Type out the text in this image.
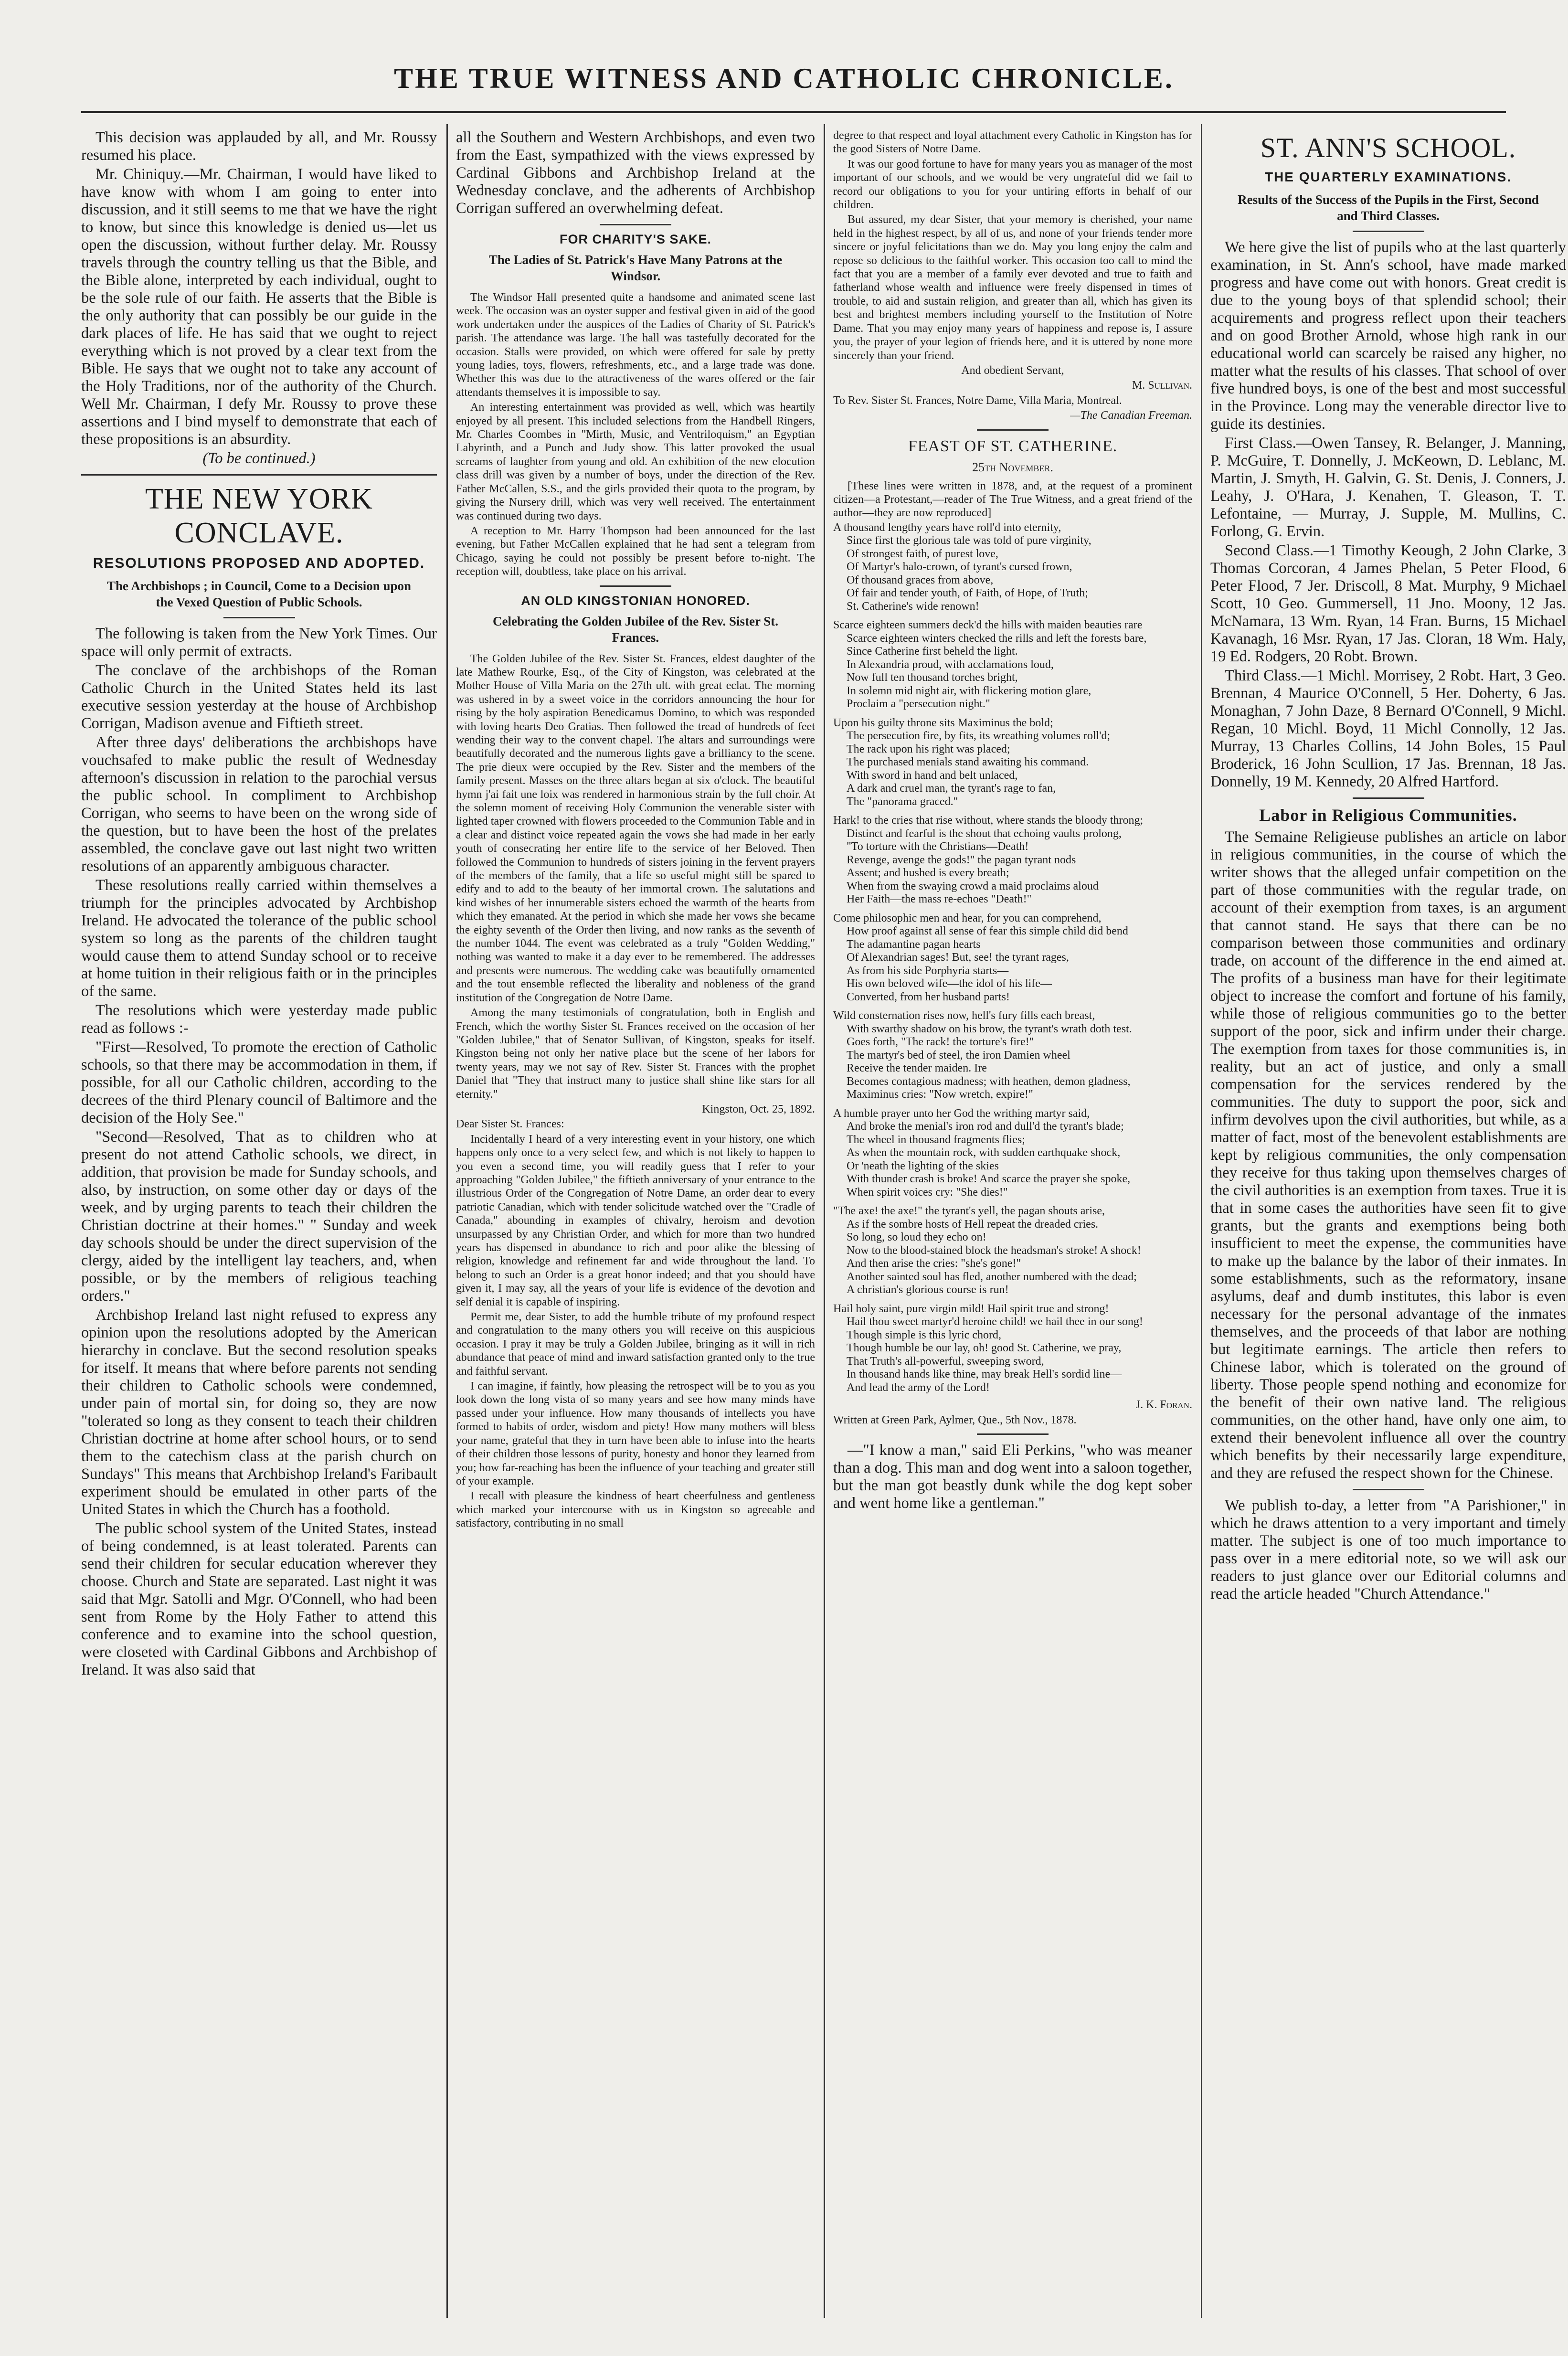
THE TRUE WITNESS AND CATHOLIC CHRONICLE.

This decision was applauded by all, and Mr. Roussy resumed his place.

Mr. Chiniquy.—Mr. Chairman, I would have liked to have know with whom I am going to enter into discussion, and it still seems to me that we have the right to know, but since this knowledge is denied us—let us open the discussion, without further delay. Mr. Roussy travels through the country telling us that the Bible, and the Bible alone, interpreted by each individual, ought to be the sole rule of our faith. He asserts that the Bible is the only authority that can possibly be our guide in the dark places of life. He has said that we ought to reject everything which is not proved by a clear text from the Bible. He says that we ought not to take any account of the Holy Traditions, nor of the authority of the Church. Well Mr. Chairman, I defy Mr. Roussy to prove these assertions and I bind myself to demonstrate that each of these propositions is an absurdity.

(To be continued.)

THE NEW YORK CONCLAVE.
RESOLUTIONS PROPOSED AND ADOPTED.
The Archbishops ; in Council, Come to a Decision upon the Vexed Question of Public Schools.

The following is taken from the New York Times. Our space will only permit of extracts.

The conclave of the archbishops of the Roman Catholic Church in the United States held its last executive session yesterday at the house of Archbishop Corrigan, Madison avenue and Fiftieth street.

After three days' deliberations the archbishops have vouchsafed to make public the result of Wednesday afternoon's discussion in relation to the parochial versus the public school. In compliment to Archbishop Corrigan, who seems to have been on the wrong side of the question, but to have been the host of the prelates assembled, the conclave gave out last night two written resolutions of an apparently ambiguous character.

These resolutions really carried within themselves a triumph for the principles advocated by Archbishop Ireland. He advocated the tolerance of the public school system so long as the parents of the children taught would cause them to attend Sunday school or to receive at home tuition in their religious faith or in the principles of the same.

The resolutions which were yesterday made public read as follows :-

"First—Resolved, To promote the erection of Catholic schools, so that there may be accommodation in them, if possible, for all our Catholic children, according to the decrees of the third Plenary council of Baltimore and the decision of the Holy See."

"Second—Resolved, That as to children who at present do not attend Catholic schools, we direct, in addition, that provision be made for Sunday schools, and also, by instruction, on some other day or days of the week, and by urging parents to teach their children the Christian doctrine at their homes." " Sunday and week day schools should be under the direct supervision of the clergy, aided by the intelligent lay teachers, and, when possible, or by the members of religious teaching orders."

Archbishop Ireland last night refused to express any opinion upon the resolutions adopted by the American hierarchy in conclave. But the second resolution speaks for itself. It means that where before parents not sending their children to Catholic schools were condemned, under pain of mortal sin, for doing so, they are now "tolerated so long as they consent to teach their children Christian doctrine at home after school hours, or to send them to the catechism class at the parish church on Sundays" This means that Archbishop Ireland's Faribault experiment should be emulated in other parts of the United States in which the Church has a foothold.

The public school system of the United States, instead of being condemned, is at least tolerated. Parents can send their children for secular education wherever they choose. Church and State are separated. Last night it was said that Mgr. Satolli and Mgr. O'Connell, who had been sent from Rome by the Holy Father to attend this conference and to examine into the school question, were closeted with Cardinal Gibbons and Archbishop of Ireland. It was also said that

all the Southern and Western Archbishops, and even two from the East, sympathized with the views expressed by Cardinal Gibbons and Archbishop Ireland at the Wednesday conclave, and the adherents of Archbishop Corrigan suffered an overwhelming defeat.

FOR CHARITY'S SAKE.
The Ladies of St. Patrick's Have Many Patrons at the Windsor.

The Windsor Hall presented quite a handsome and animated scene last week. The occasion was an oyster supper and festival given in aid of the good work undertaken under the auspices of the Ladies of Charity of St. Patrick's parish. The attendance was large. The hall was tastefully decorated for the occasion. Stalls were provided, on which were offered for sale by pretty young ladies, toys, flowers, refreshments, etc., and a large trade was done. Whether this was due to the attractiveness of the wares offered or the fair attendants themselves it is impossible to say.

An interesting entertainment was provided as well, which was heartily enjoyed by all present. This included selections from the Handbell Ringers, Mr. Charles Coombes in "Mirth, Music, and Ventriloquism," an Egyptian Labyrinth, and a Punch and Judy show. This latter provoked the usual screams of laughter from young and old. An exhibition of the new elocution class drill was given by a number of boys, under the direction of the Rev. Father McCallen, S.S., and the girls provided their quota to the program, by giving the Nursery drill, which was very well received. The entertainment was continued during two days.

A reception to Mr. Harry Thompson had been announced for the last evening, but Father McCallen explained that he had sent a telegram from Chicago, saying he could not possibly be present before to-night. The reception will, doubtless, take place on his arrival.

AN OLD KINGSTONIAN HONORED.
Celebrating the Golden Jubilee of the Rev. Sister St. Frances.

The Golden Jubilee of the Rev. Sister St. Frances, eldest daughter of the late Mathew Rourke, Esq., of the City of Kingston, was celebrated at the Mother House of Villa Maria on the 27th ult. with great eclat. The morning was ushered in by a sweet voice in the corridors announcing the hour for rising by the holy aspiration Benedicamus Domino, to which was responded with loving hearts Deo Gratias. Then followed the tread of hundreds of feet wending their way to the convent chapel. The altars and surroundings were beautifully decorated and the numerous lights gave a brilliancy to the scene. The prie dieux were occupied by the Rev. Sister and the members of the family present. Masses on the three altars began at six o'clock. The beautiful hymn j'ai fait une loix was rendered in harmonious strain by the full choir. At the solemn moment of receiving Holy Communion the venerable sister with lighted taper crowned with flowers proceeded to the Communion Table and in a clear and distinct voice repeated again the vows she had made in her early youth of consecrating her entire life to the service of her Beloved. Then followed the Communion to hundreds of sisters joining in the fervent prayers of the members of the family, that a life so useful might still be spared to edify and to add to the beauty of her immortal crown. The salutations and kind wishes of her innumerable sisters echoed the warmth of the hearts from which they emanated. At the period in which she made her vows she became the eighty seventh of the Order then living, and now ranks as the seventh of the number 1044. The event was celebrated as a truly "Golden Wedding," nothing was wanted to make it a day ever to be remembered. The addresses and presents were numerous. The wedding cake was beautifully ornamented and the tout ensemble reflected the liberality and nobleness of the grand institution of the Congregation de Notre Dame.

Among the many testimonials of congratulation, both in English and French, which the worthy Sister St. Frances received on the occasion of her "Golden Jubilee," that of Senator Sullivan, of Kingston, speaks for itself. Kingston being not only her native place but the scene of her labors for twenty years, may we not say of Rev. Sister St. Frances with the prophet Daniel that "They that instruct many to justice shall shine like stars for all eternity."

Kingston, Oct. 25, 1892.

Dear Sister St. Frances:

Incidentally I heard of a very interesting event in your history, one which happens only once to a very select few, and which is not likely to happen to you even a second time, you will readily guess that I refer to your approaching "Golden Jubilee," the fiftieth anniversary of your entrance to the illustrious Order of the Congregation of Notre Dame, an order dear to every patriotic Canadian, which with tender solicitude watched over the "Cradle of Canada," abounding in examples of chivalry, heroism and devotion unsurpassed by any Christian Order, and which for more than two hundred years has dispensed in abundance to rich and poor alike the blessing of religion, knowledge and refinement far and wide throughout the land. To belong to such an Order is a great honor indeed; and that you should have given it, I may say, all the years of your life is evidence of the devotion and self denial it is capable of inspiring.

Permit me, dear Sister, to add the humble tribute of my profound respect and congratulation to the many others you will receive on this auspicious occasion. I pray it may be truly a Golden Jubilee, bringing as it will in rich abundance that peace of mind and inward satisfaction granted only to the true and faithful servant.

I can imagine, if faintly, how pleasing the retrospect will be to you as you look down the long vista of so many years and see how many minds have passed under your influence. How many thousands of intellects you have formed to habits of order, wisdom and piety! How many mothers will bless your name, grateful that they in turn have been able to infuse into the hearts of their children those lessons of purity, honesty and honor they learned from you; how far-reaching has been the influence of your teaching and greater still of your example.

I recall with pleasure the kindness of heart cheerfulness and gentleness which marked your intercourse with us in Kingston so agreeable and satisfactory, contributing in no small

degree to that respect and loyal attachment every Catholic in Kingston has for the good Sisters of Notre Dame.

It was our good fortune to have for many years you as manager of the most important of our schools, and we would be very ungrateful did we fail to record our obligations to you for your untiring efforts in behalf of our children.

But assured, my dear Sister, that your memory is cherished, your name held in the highest respect, by all of us, and none of your friends tender more sincere or joyful felicitations than we do. May you long enjoy the calm and repose so delicious to the faithful worker. This occasion too call to mind the fact that you are a member of a family ever devoted and true to faith and fatherland whose wealth and influence were freely dispensed in times of trouble, to aid and sustain religion, and greater than all, which has given its best and brightest members including yourself to the Institution of Notre Dame. That you may enjoy many years of happiness and repose is, I assure you, the prayer of your legion of friends here, and it is uttered by none more sincerely than your friend.

And obedient Servant,

M. Sullivan.

To Rev. Sister St. Frances, Notre Dame, Villa Maria, Montreal.

—The Canadian Freeman.

FEAST OF ST. CATHERINE.

25th November.

[These lines were written in 1878, and, at the request of a prominent citizen—a Protestant,—reader of The True Witness, and a great friend of the author—they are now reproduced]

A thousand lengthy years have roll'd into eternity,

Since first the glorious tale was told of pure virginity,

Of strongest faith, of purest love,

Of Martyr's halo-crown, of tyrant's cursed frown,

Of thousand graces from above,

Of fair and tender youth, of Faith, of Hope, of Truth;

St. Catherine's wide renown!

Scarce eighteen summers deck'd the hills with maiden beauties rare

Scarce eighteen winters checked the rills and left the forests bare,

Since Catherine first beheld the light.

In Alexandria proud, with acclamations loud,

Now full ten thousand torches bright,

In solemn mid night air, with flickering motion glare,

Proclaim a "persecution night."

Upon his guilty throne sits Maximinus the bold;

The persecution fire, by fits, its wreathing volumes roll'd;

The rack upon his right was placed;

The purchased menials stand awaiting his command.

With sword in hand and belt unlaced,

A dark and cruel man, the tyrant's rage to fan,

The "panorama graced."

Hark! to the cries that rise without, where stands the bloody throng;

Distinct and fearful is the shout that echoing vaults prolong,

"To torture with the Christians—Death!

Revenge, avenge the gods!" the pagan tyrant nods

Assent; and hushed is every breath;

When from the swaying crowd a maid proclaims aloud

Her Faith—the mass re-echoes "Death!"

Come philosophic men and hear, for you can comprehend,

How proof against all sense of fear this simple child did bend

The adamantine pagan hearts

Of Alexandrian sages! But, see! the tyrant rages,

As from his side Porphyria starts—

His own beloved wife—the idol of his life—

Converted, from her husband parts!

Wild consternation rises now, hell's fury fills each breast,

With swarthy shadow on his brow, the tyrant's wrath doth test.

Goes forth, "The rack! the torture's fire!"

The martyr's bed of steel, the iron Damien wheel

Receive the tender maiden. Ire

Becomes contagious madness; with heathen, demon gladness,

Maximinus cries: "Now wretch, expire!"

A humble prayer unto her God the writhing martyr said,

And broke the menial's iron rod and dull'd the tyrant's blade;

The wheel in thousand fragments flies;

As when the mountain rock, with sudden earthquake shock,

Or 'neath the lighting of the skies

With thunder crash is broke! And scarce the prayer she spoke,

When spirit voices cry: "She dies!"

"The axe! the axe!" the tyrant's yell, the pagan shouts arise,

As if the sombre hosts of Hell repeat the dreaded cries.

So long, so loud they echo on!

Now to the blood-stained block the headsman's stroke! A shock!

And then arise the cries: "she's gone!"

Another sainted soul has fled, another numbered with the dead;

A christian's glorious course is run!

Hail holy saint, pure virgin mild! Hail spirit true and strong!

Hail thou sweet martyr'd heroine child! we hail thee in our song!

Though simple is this lyric chord,

Though humble be our lay, oh! good St. Catherine, we pray,

That Truth's all-powerful, sweeping sword,

In thousand hands like thine, may break Hell's sordid line—

And lead the army of the Lord!

J. K. Foran.

Written at Green Park, Aylmer, Que., 5th Nov., 1878.

—"I know a man," said Eli Perkins, "who was meaner than a dog. This man and dog went into a saloon together, but the man got beastly dunk while the dog kept sober and went home like a gentleman."

ST. ANN'S SCHOOL.
THE QUARTERLY EXAMINATIONS.
Results of the Success of the Pupils in the First, Second and Third Classes.

We here give the list of pupils who at the last quarterly examination, in St. Ann's school, have made marked progress and have come out with honors. Great credit is due to the young boys of that splendid school; their acquirements and progress reflect upon their teachers and on good Brother Arnold, whose high rank in our educational world can scarcely be raised any higher, no matter what the results of his classes. That school of over five hundred boys, is one of the best and most successful in the Province. Long may the venerable director live to guide its destinies.

First Class.—Owen Tansey, R. Belanger, J. Manning, P. McGuire, T. Donnelly, J. McKeown, D. Leblanc, M. Martin, J. Smyth, H. Galvin, G. St. Denis, J. Conners, J. Leahy, J. O'Hara, J. Kenahen, T. Gleason, T. T. Lefontaine, — Murray, J. Supple, M. Mullins, C. Forlong, G. Ervin.

Second Class.—1 Timothy Keough, 2 John Clarke, 3 Thomas Corcoran, 4 James Phelan, 5 Peter Flood, 6 Peter Flood, 7 Jer. Driscoll, 8 Mat. Murphy, 9 Michael Scott, 10 Geo. Gummersell, 11 Jno. Moony, 12 Jas. McNamara, 13 Wm. Ryan, 14 Fran. Burns, 15 Michael Kavanagh, 16 Msr. Ryan, 17 Jas. Cloran, 18 Wm. Haly, 19 Ed. Rodgers, 20 Robt. Brown.

Third Class.—1 Michl. Morrisey, 2 Robt. Hart, 3 Geo. Brennan, 4 Maurice O'Connell, 5 Her. Doherty, 6 Jas. Monaghan, 7 John Daze, 8 Bernard O'Connell, 9 Michl. Regan, 10 Michl. Boyd, 11 Michl Connolly, 12 Jas. Murray, 13 Charles Collins, 14 John Boles, 15 Paul Broderick, 16 John Scullion, 17 Jas. Brennan, 18 Jas. Donnelly, 19 M. Kennedy, 20 Alfred Hartford.

Labor in Religious Communities.

The Semaine Religieuse publishes an article on labor in religious communities, in the course of which the writer shows that the alleged unfair competition on the part of those communities with the regular trade, on account of their exemption from taxes, is an argument that cannot stand. He says that there can be no comparison between those communities and ordinary trade, on account of the difference in the end aimed at. The profits of a business man have for their legitimate object to increase the comfort and fortune of his family, while those of religious communities go to the better support of the poor, sick and infirm under their charge. The exemption from taxes for those communities is, in reality, but an act of justice, and only a small compensation for the services rendered by the communities. The duty to support the poor, sick and infirm devolves upon the civil authorities, but while, as a matter of fact, most of the benevolent establishments are kept by religious communities, the only compensation they receive for thus taking upon themselves charges of the civil authorities is an exemption from taxes. True it is that in some cases the authorities have seen fit to give grants, but the grants and exemptions being both insufficient to meet the expense, the communities have to make up the balance by the labor of their inmates. In some establishments, such as the reformatory, insane asylums, deaf and dumb institutes, this labor is even necessary for the personal advantage of the inmates themselves, and the proceeds of that labor are nothing but legitimate earnings. The article then refers to Chinese labor, which is tolerated on the ground of liberty. Those people spend nothing and economize for the benefit of their own native land. The religious communities, on the other hand, have only one aim, to extend their benevolent influence all over the country which benefits by their necessarily large expenditure, and they are refused the respect shown for the Chinese.

We publish to-day, a letter from "A Parishioner," in which he draws attention to a very important and timely matter. The subject is one of too much importance to pass over in a mere editorial note, so we will ask our readers to just glance over our Editorial columns and read the article headed "Church Attendance."
